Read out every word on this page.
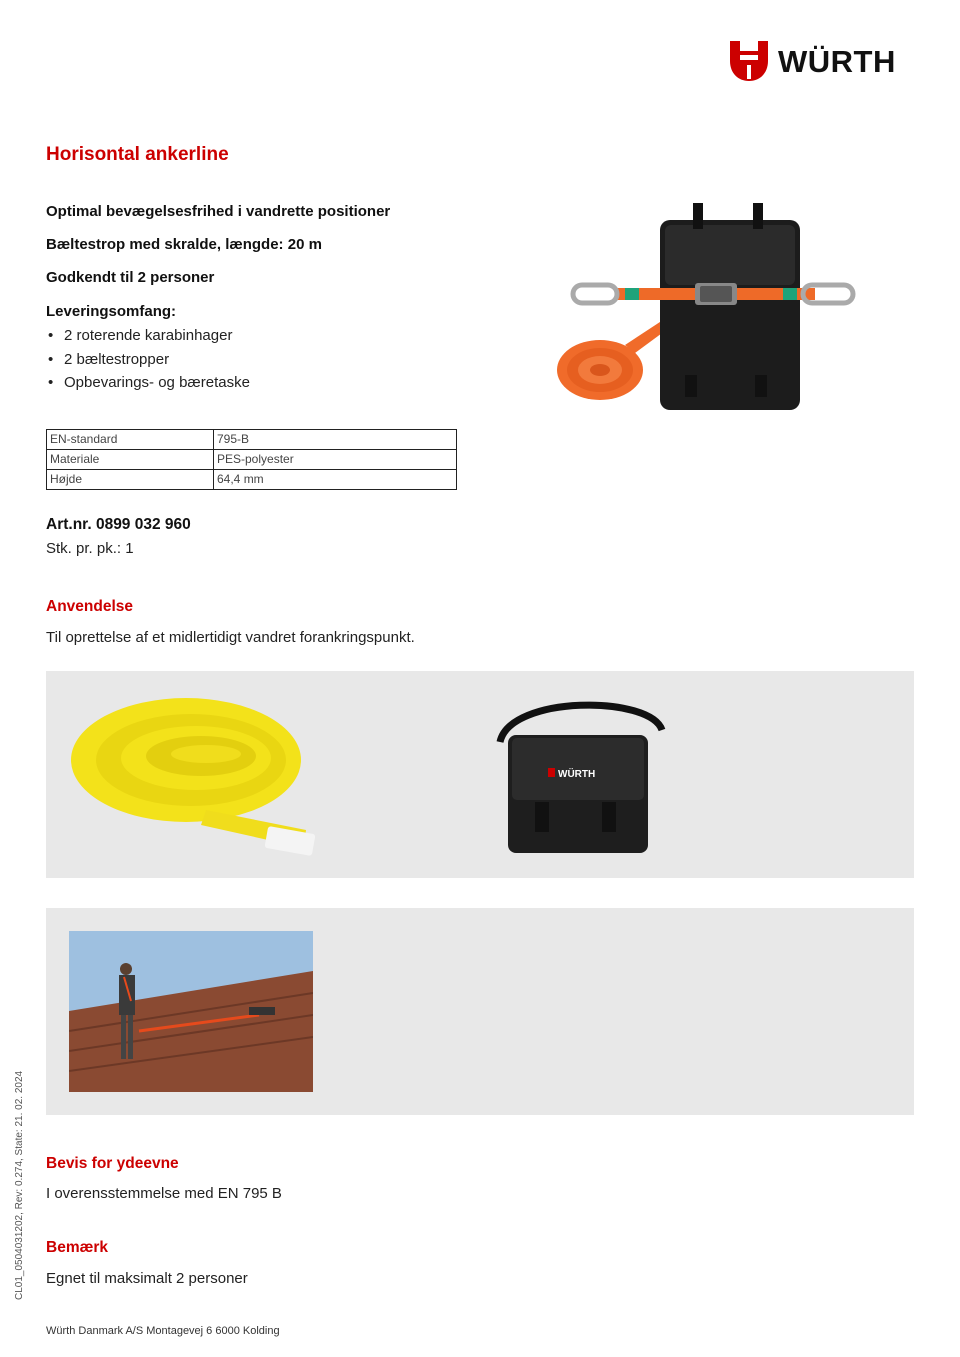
WÜRTH
Horisontal ankerline
Optimal bevægelsesfrihed i vandrette positioner
Bæltestrop med skralde, længde: 20 m
Godkendt til 2 personer
Leveringsomfang:
• 2 roterende karabinhager
• 2 bæltestropper
• Opbevarings- og bæretaske
EN-standard	795-B
Materiale	PES-polyester
Højde	64,4 mm
Art.nr. 0899 032 960
Stk. pr. pk.: 1
Anvendelse
Til oprettelse af et midlertidigt vandret forankringspunkt.
WÜRTH
Bevis for ydeevne
I overensstemmelse med EN 795 B
Bemærk
Egnet til maksimalt 2 personer
CL01_0504031202, Rev: 0.274, State: 21. 02. 2024
Würth Danmark A/S Montagevej 6 6000 Kolding
